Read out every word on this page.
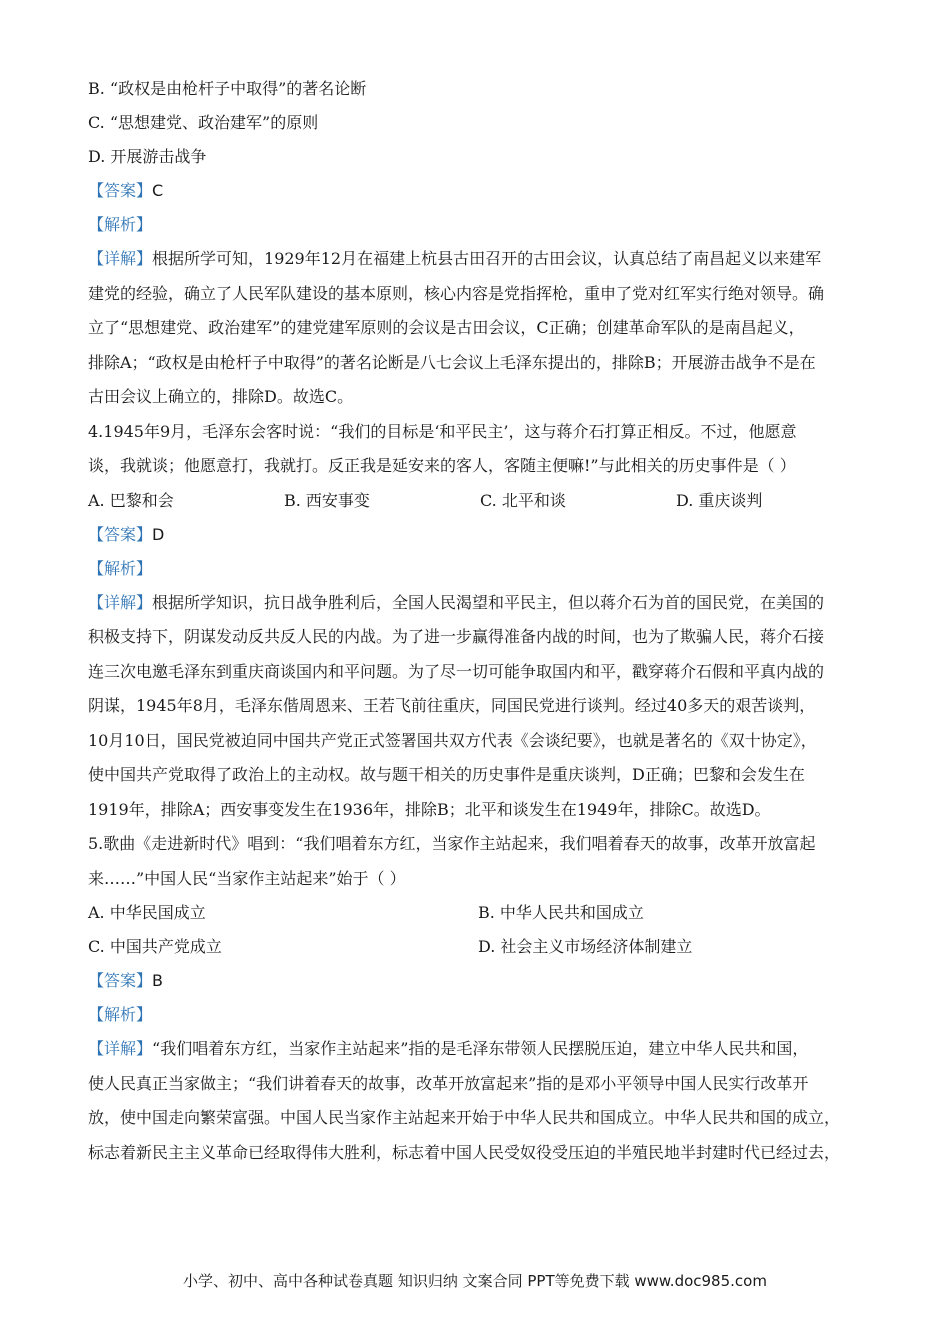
B. “政权是由枪杆子中取得”的著名论断
C. “思想建党、政治建军”的原则
D. 开展游击战争
【答案】C
【解析】
【详解】根据所学可知，1929年12月在福建上杭县古田召开的古田会议，认真总结了南昌起义以来建军
建党的经验，确立了人民军队建设的基本原则，核心内容是党指挥枪，重申了党对红军实行绝对领导。确
立了“思想建党、政治建军”的建党建军原则的会议是古田会议，C正确；创建革命军队的是南昌起义，
排除A；“政权是由枪杆子中取得”的著名论断是八七会议上毛泽东提出的，排除B；开展游击战争不是在
古田会议上确立的，排除D。故选C。
4.1945年9月，毛泽东会客时说：“我们的目标是‘和平民主’，这与蒋介石打算正相反。不过，他愿意
谈，我就谈；他愿意打，我就打。反正我是延安来的客人，客随主便嘛!”与此相关的历史事件是（ ）
A. 巴黎和会	B. 西安事变	C. 北平和谈	D. 重庆谈判
【答案】D
【解析】
【详解】根据所学知识，抗日战争胜利后，全国人民渴望和平民主，但以蒋介石为首的国民党，在美国的
积极支持下，阴谋发动反共反人民的内战。为了进一步赢得准备内战的时间，也为了欺骗人民，蒋介石接
连三次电邀毛泽东到重庆商谈国内和平问题。为了尽一切可能争取国内和平，戳穿蒋介石假和平真内战的
阴谋，1945年8月，毛泽东偕周恩来、王若飞前往重庆，同国民党进行谈判。经过40多天的艰苦谈判，
10月10日，国民党被迫同中国共产党正式签署国共双方代表《会谈纪要》，也就是著名的《双十协定》，
使中国共产党取得了政治上的主动权。故与题干相关的历史事件是重庆谈判，D正确；巴黎和会发生在
1919年，排除A；西安事变发生在1936年，排除B；北平和谈发生在1949年，排除C。故选D。
5.歌曲《走进新时代》唱到：“我们唱着东方红，当家作主站起来，我们唱着春天的故事，改革开放富起
来……”中国人民“当家作主站起来”始于（ ）
A. 中华民国成立	B. 中华人民共和国成立
C. 中国共产党成立	D. 社会主义市场经济体制建立
【答案】B
【解析】
【详解】“我们唱着东方红，当家作主站起来”指的是毛泽东带领人民摆脱压迫，建立中华人民共和国，
使人民真正当家做主；“我们讲着春天的故事，改革开放富起来”指的是邓小平领导中国人民实行改革开
放，使中国走向繁荣富强。中国人民当家作主站起来开始于中华人民共和国成立。中华人民共和国的成立，
标志着新民主主义革命已经取得伟大胜利，标志着中国人民受奴役受压迫的半殖民地半封建时代已经过去，
小学、初中、高中各种试卷真题 知识归纳 文案合同 PPT等免费下载 www.doc985.com
